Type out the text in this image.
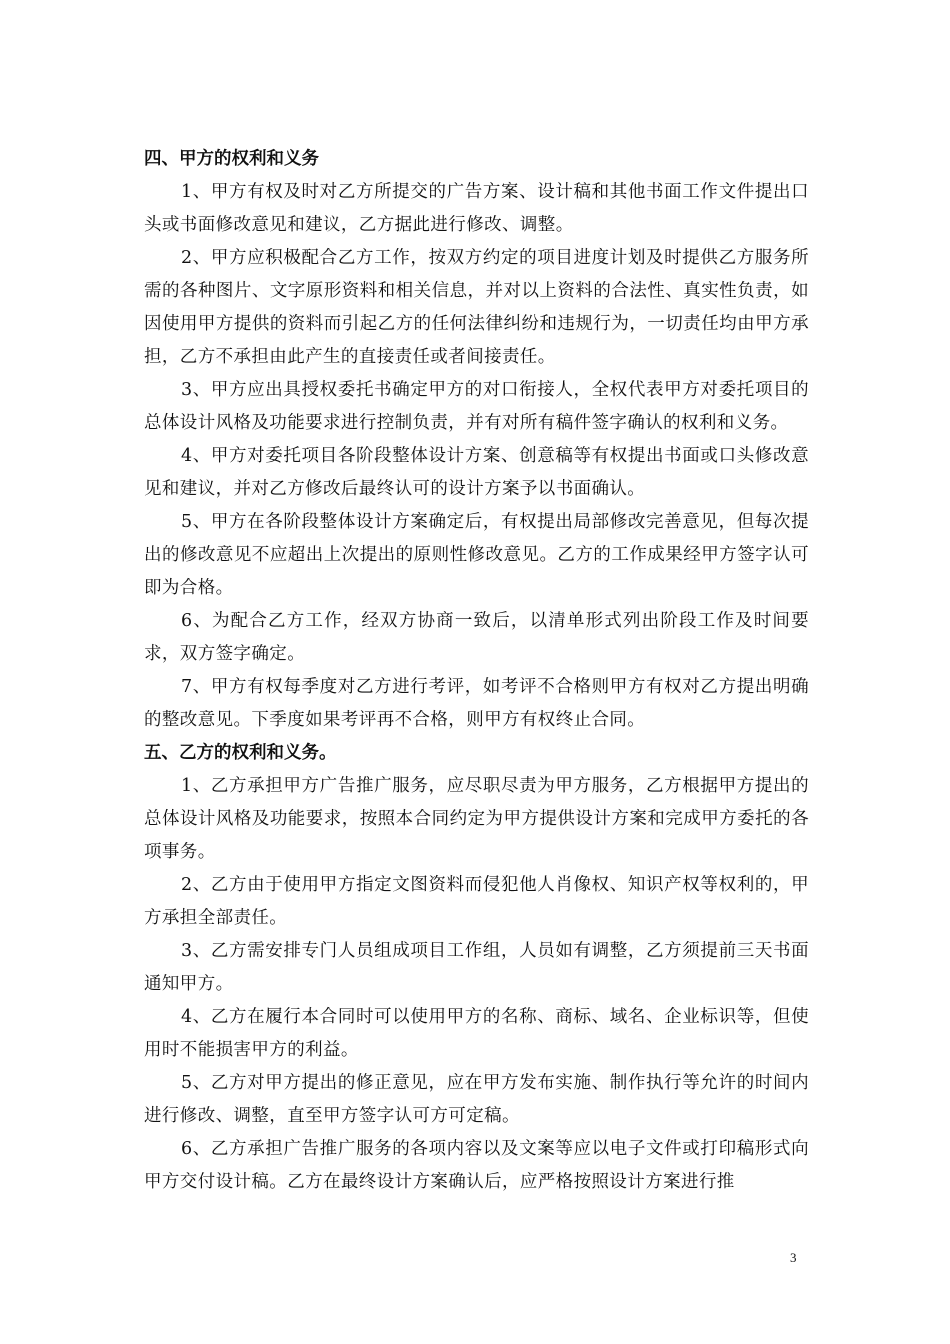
四、甲方的权利和义务

1、甲方有权及时对乙方所提交的广告方案、设计稿和其他书面工作文件提出口头或书面修改意见和建议，乙方据此进行修改、调整。

2、甲方应积极配合乙方工作，按双方约定的项目进度计划及时提供乙方服务所需的各种图片、文字原形资料和相关信息，并对以上资料的合法性、真实性负责，如因使用甲方提供的资料而引起乙方的任何法律纠纷和违规行为，一切责任均由甲方承担，乙方不承担由此产生的直接责任或者间接责任。

3、甲方应出具授权委托书确定甲方的对口衔接人，全权代表甲方对委托项目的总体设计风格及功能要求进行控制负责，并有对所有稿件签字确认的权利和义务。

4、甲方对委托项目各阶段整体设计方案、创意稿等有权提出书面或口头修改意见和建议，并对乙方修改后最终认可的设计方案予以书面确认。

5、甲方在各阶段整体设计方案确定后，有权提出局部修改完善意见，但每次提出的修改意见不应超出上次提出的原则性修改意见。乙方的工作成果经甲方签字认可即为合格。

6、为配合乙方工作，经双方协商一致后，以清单形式列出阶段工作及时间要求，双方签字确定。

7、甲方有权每季度对乙方进行考评，如考评不合格则甲方有权对乙方提出明确的整改意见。下季度如果考评再不合格，则甲方有权终止合同。

五、乙方的权利和义务。

1、乙方承担甲方广告推广服务，应尽职尽责为甲方服务，乙方根据甲方提出的总体设计风格及功能要求，按照本合同约定为甲方提供设计方案和完成甲方委托的各项事务。

2、乙方由于使用甲方指定文图资料而侵犯他人肖像权、知识产权等权利的，甲方承担全部责任。

3、乙方需安排专门人员组成项目工作组，人员如有调整，乙方须提前三天书面通知甲方。

4、乙方在履行本合同时可以使用甲方的名称、商标、域名、企业标识等，但使用时不能损害甲方的利益。

5、乙方对甲方提出的修正意见，应在甲方发布实施、制作执行等允许的时间内进行修改、调整，直至甲方签字认可方可定稿。

6、乙方承担广告推广服务的各项内容以及文案等应以电子文件或打印稿形式向甲方交付设计稿。乙方在最终设计方案确认后，应严格按照设计方案进行推

3
